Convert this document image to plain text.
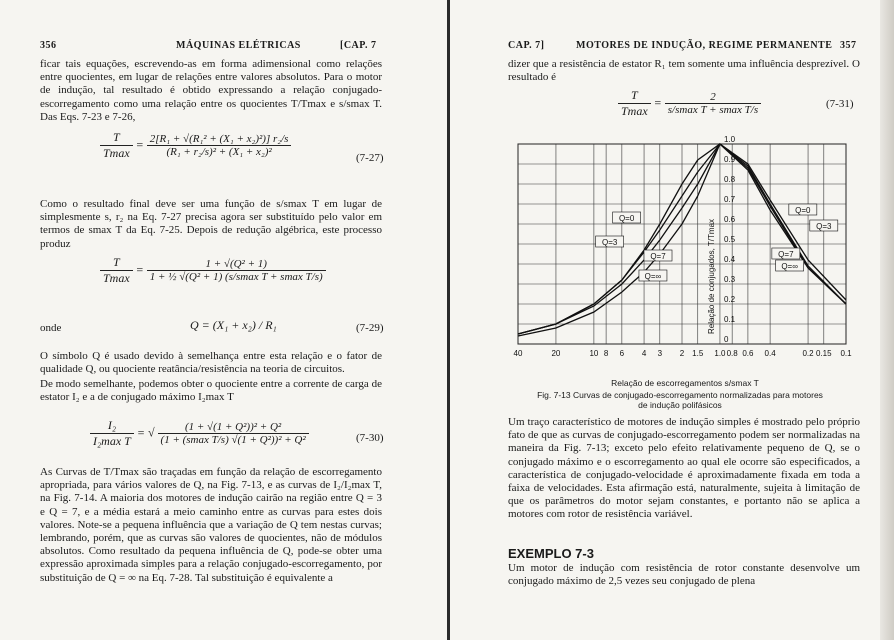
356	MÁQUINAS ELÉTRICAS	[CAP. 7
ficar tais equações, escrevendo-as em forma adimensional como relações entre quocientes, em lugar de relações entre valores absolutos. Para o motor de indução, tal resultado é obtido expressando a relação conjugado-escorregamento como uma relação entre os quocientes T/Tmax e s/smax T. Das Eqs. 7-23 e 7-26,
$\frac{T}{Tmax} = \frac{\text{2[R₁ + √(R₁² + (X₁ + x₂)²)] r₂/s}}{\text{(R₁ + r₂/s)² + (X₁ + x₂)²}}$	(7-27)
Como o resultado final deve ser uma função de s/smax T em lugar de simplesmente s, r₂ na Eq. 7-27 precisa agora ser substituído pelo valor em termos de smax T da Eq. 7-25. Depois de redução algébrica, este processo produz
$\frac{T}{Tmax} = \frac{\text{1 + √(Q² + 1)}}{\text{1 + ½ √(Q² + 1) (s/smax T + smax T/s)}}$
onde	Q = (X₁ + x₂) / R₁	(7-29)
O símbolo Q é usado devido à semelhança entre esta relação e o fator de qualidade Q, ou quociente reatância/resistência na teoria de circuitos.
De modo semelhante, podemos obter o quociente entre a corrente de carga de estator I₂ e a de conjugado máximo I₂max T
$\frac{\text{I₂}}{\text{I₂max T}}$ = √ $\frac{\text{(1 + √(1 + Q²))² + Q²}}{\text{(1 + (smax T/s) √(1 + Q²))² + Q²}}$	(7-30)
As Curvas de T/Tmax são traçadas em função da relação de escorregamento apropriada, para vários valores de Q, na Fig. 7-13, e as curvas de I₂/I₂max T, na Fig. 7-14. A maioria dos motores de indução cairão na região entre Q = 3 e Q = 7, e a média estará a meio caminho entre as curvas para estes dois valores. Note-se a pequena influência que a variação de Q tem nestas curvas; lembrando, porém, que as curvas são valores de quocientes, não de módulos absolutos. Como resultado da pequena influência de Q, pode-se obter uma expressão aproximada simples para a relação conjugado-escorregamento, por substituição de Q = ∞ na Eq. 7-28. Tal substituição é equivalente a
CAP. 7]	MOTORES DE INDUÇÃO, REGIME PERMANENTE 357
dizer que a resistência de estator R₁ tem somente uma influência desprezível. O resultado é
$\frac{T}{Tmax} = \frac{2}{\text{s/smax T + smax T/s}}$	(7-31)
40	20	10 8 6 4 3 2 1.5 1.0 0.8 0.6 0.4	0.2 0.15 0.1
0
0.1
0.2
0.3
0.4
0.5
0.6
0.7
0.8
0.9
1.0
Relação de conjugados, T/Tmax
Q=0
Q=3
Q=7
Q=∞
Q=0
Q=3
Q=7
Q=∞
Relação de escorregamentos s/smax T
Fig. 7-13 Curvas de conjugado-escorregamento normalizadas para motores
de indução polifásicos
Um traço característico de motores de indução simples é mostrado pelo próprio fato de que as curvas de conjugado-escorregamento podem ser normalizadas na maneira da Fig. 7-13; exceto pelo efeito relativamente pequeno de Q, se o conjugado máximo e o escorregamento ao qual ele ocorre são especificados, a característica de conjugado-velocidade é aproximadamente fixada em toda a faixa de velocidades. Esta afirmação está, naturalmente, sujeita à limitação de que os parâmetros do motor sejam constantes, e portanto não se aplica a motores com rotor de resistência variável.
EXEMPLO 7-3
Um motor de indução com resistência de rotor constante desenvolve um conjugado máximo de 2,5 vezes seu conjugado de plena
